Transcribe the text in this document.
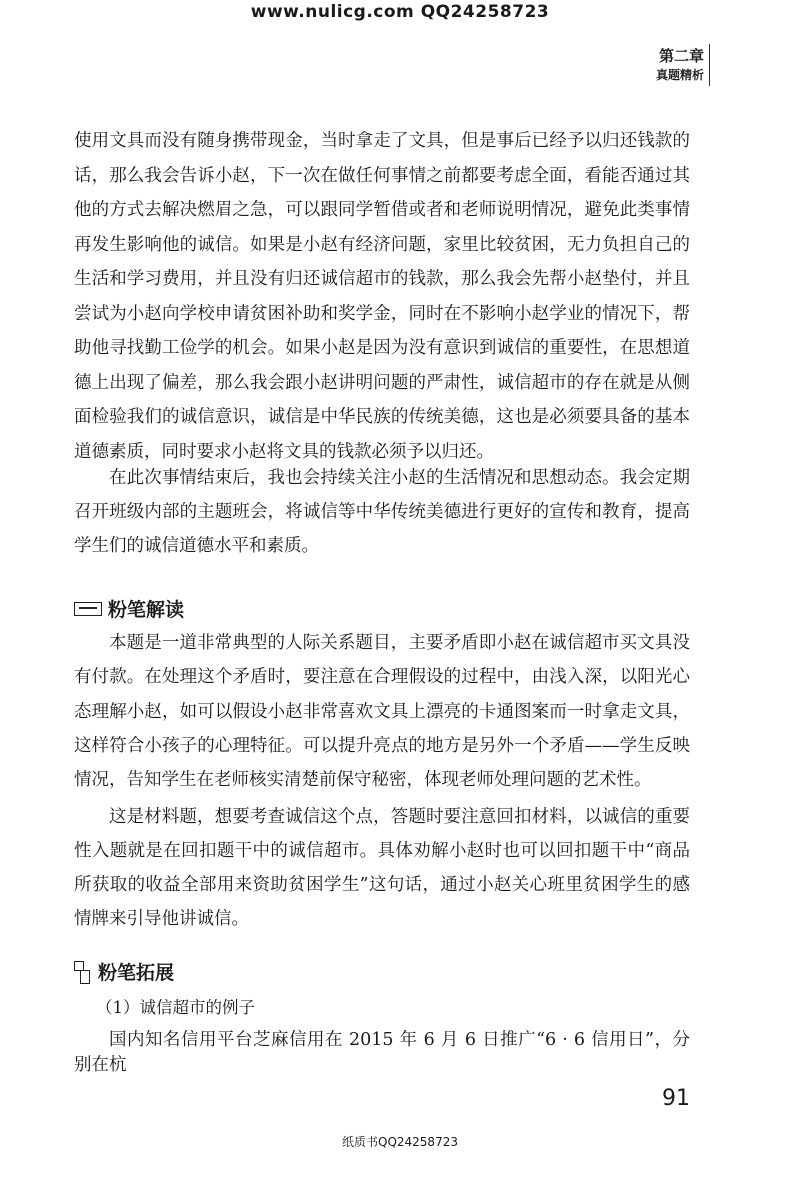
www.nulicg.com QQ24258723
第二章
真题精析

使用文具而没有随身携带现金，当时拿走了文具，但是事后已经予以归还钱款的话，那么我会告诉小赵，下一次在做任何事情之前都要考虑全面，看能否通过其他的方式去解决燃眉之急，可以跟同学暂借或者和老师说明情况，避免此类事情再发生影响他的诚信。如果是小赵有经济问题，家里比较贫困，无力负担自己的生活和学习费用，并且没有归还诚信超市的钱款，那么我会先帮小赵垫付，并且尝试为小赵向学校申请贫困补助和奖学金，同时在不影响小赵学业的情况下，帮助他寻找勤工俭学的机会。如果小赵是因为没有意识到诚信的重要性，在思想道德上出现了偏差，那么我会跟小赵讲明问题的严肃性，诚信超市的存在就是从侧面检验我们的诚信意识，诚信是中华民族的传统美德，这也是必须要具备的基本道德素质，同时要求小赵将文具的钱款必须予以归还。

在此次事情结束后，我也会持续关注小赵的生活情况和思想动态。我会定期召开班级内部的主题班会，将诚信等中华传统美德进行更好的宣传和教育，提高学生们的诚信道德水平和素质。

粉笔解读

本题是一道非常典型的人际关系题目，主要矛盾即小赵在诚信超市买文具没有付款。在处理这个矛盾时，要注意在合理假设的过程中，由浅入深，以阳光心态理解小赵，如可以假设小赵非常喜欢文具上漂亮的卡通图案而一时拿走文具，这样符合小孩子的心理特征。可以提升亮点的地方是另外一个矛盾——学生反映情况，告知学生在老师核实清楚前保守秘密，体现老师处理问题的艺术性。

这是材料题，想要考查诚信这个点，答题时要注意回扣材料，以诚信的重要性入题就是在回扣题干中的诚信超市。具体劝解小赵时也可以回扣题干中“商品所获取的收益全部用来资助贫困学生”这句话，通过小赵关心班里贫困学生的感情牌来引导他讲诚信。

粉笔拓展
（1）诚信超市的例子

国内知名信用平台芝麻信用在 2015 年 6 月 6 日推广“6 · 6 信用日”，分别在杭

91
纸质书QQ24258723
